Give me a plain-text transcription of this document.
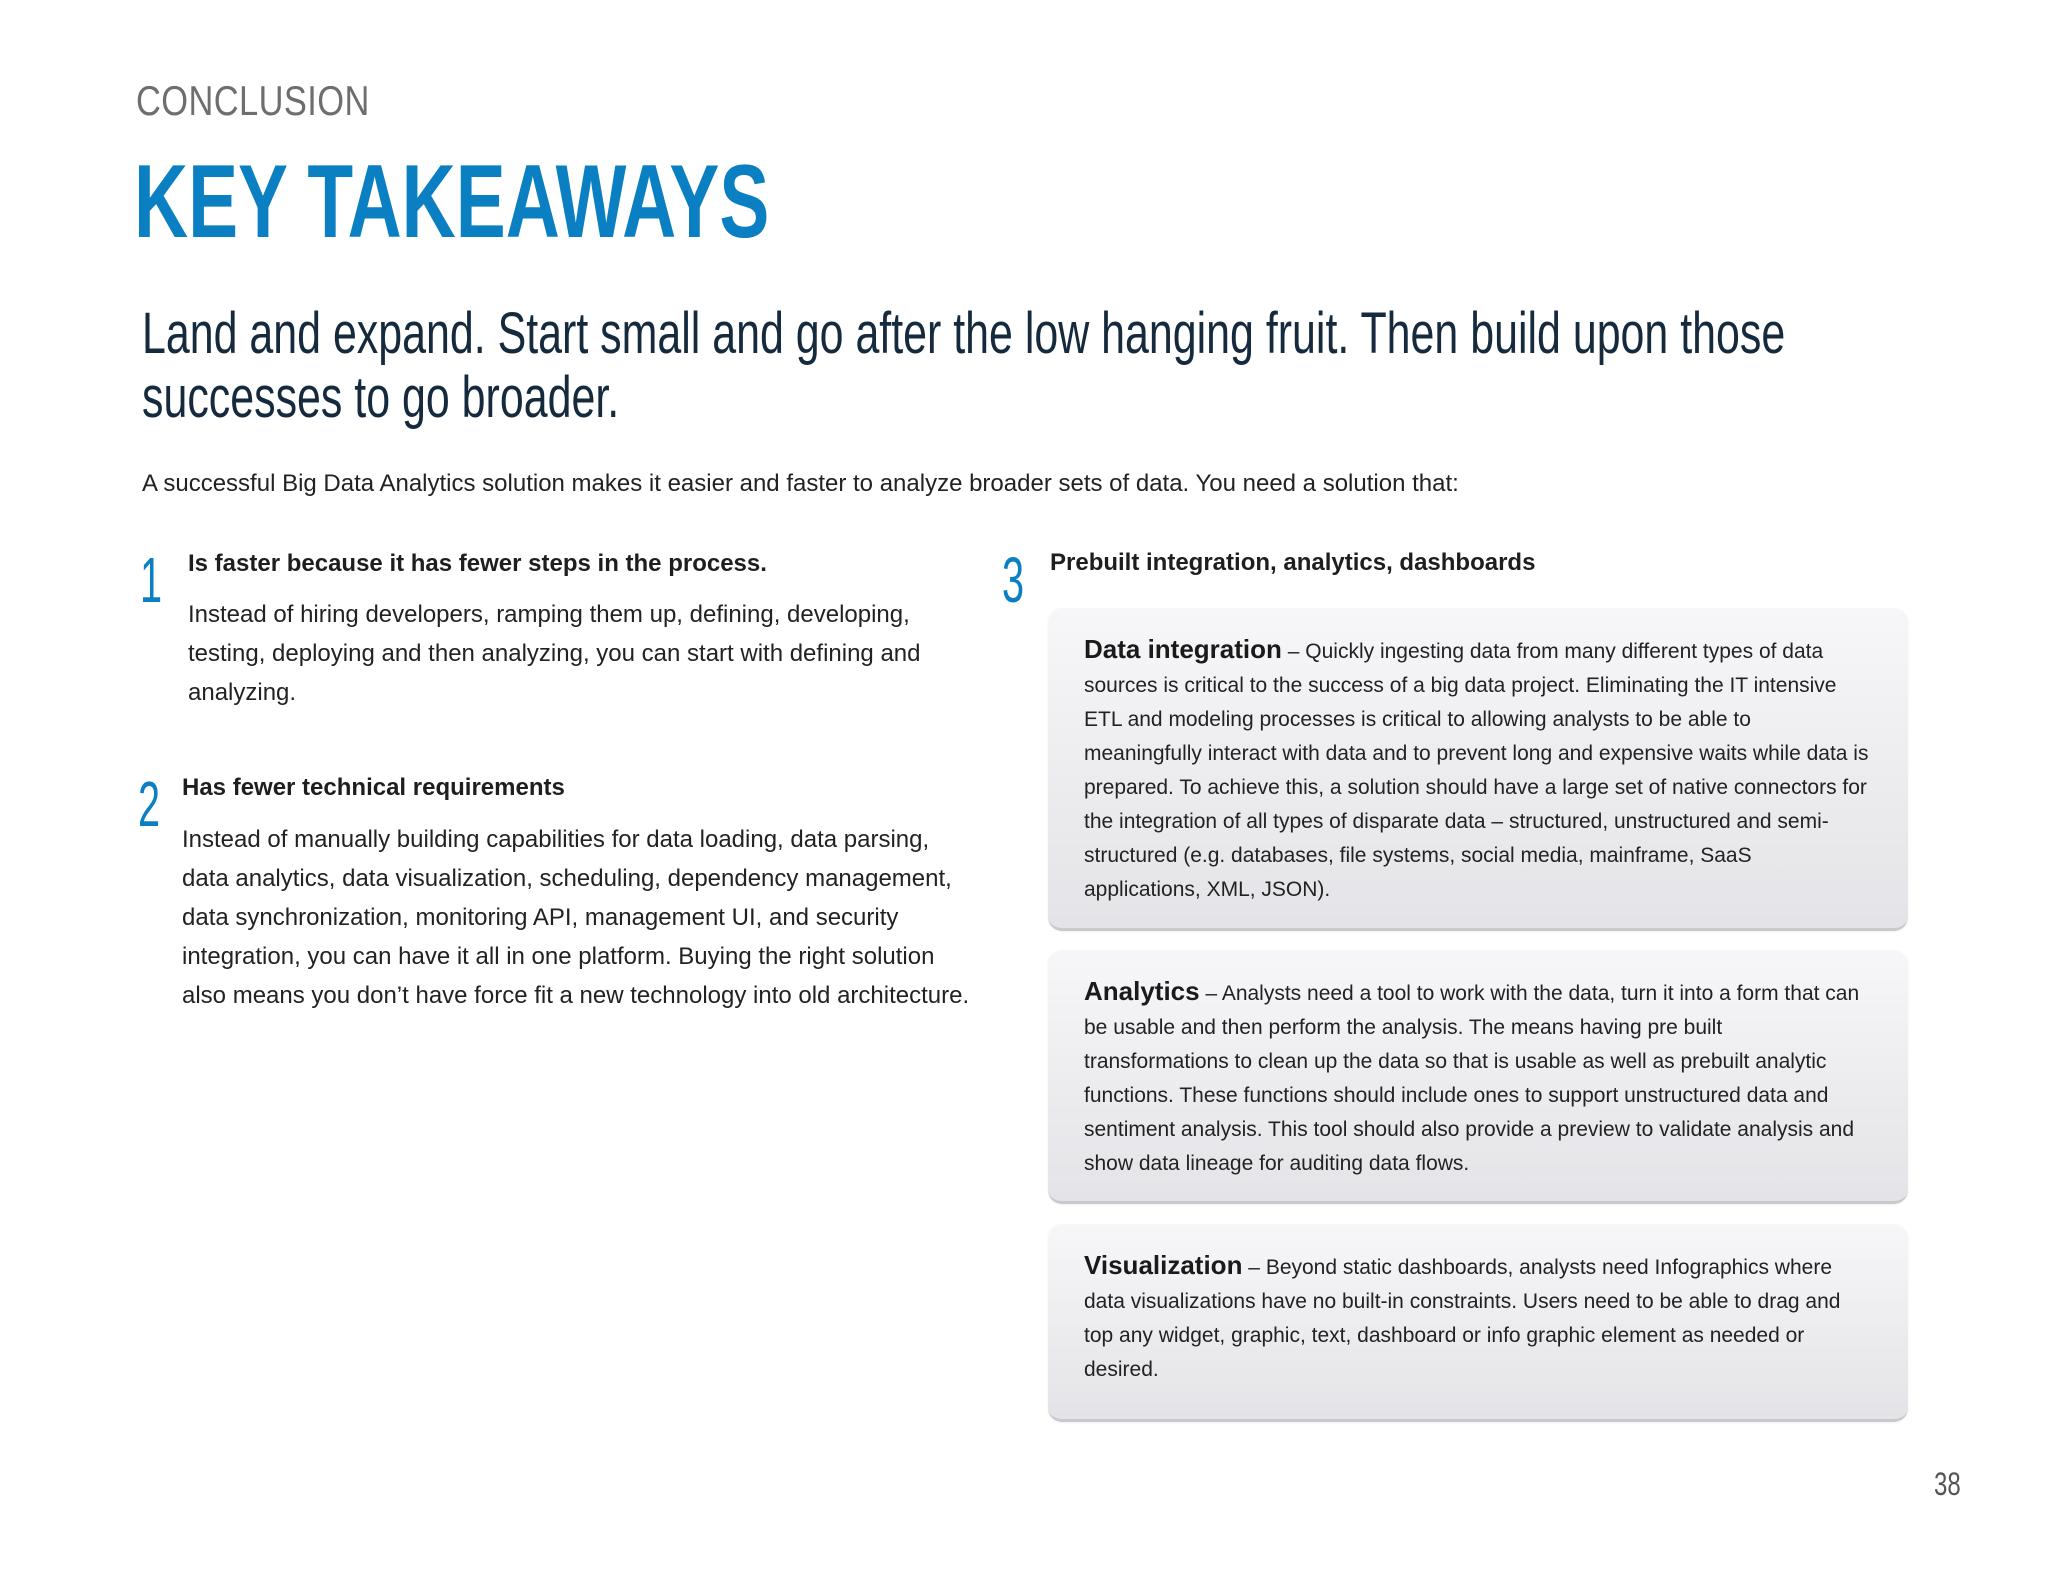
CONCLUSION
KEY TAKEAWAYS
Land and expand. Start small and go after the low hanging fruit. Then build upon those successes to go broader.
A successful Big Data Analytics solution makes it easier and faster to analyze broader sets of data. You need a solution that:
1 Is faster because it has fewer steps in the process.
Instead of hiring developers, ramping them up, defining, developing, testing, deploying and then analyzing, you can start with defining and analyzing.
2 Has fewer technical requirements
Instead of manually building capabilities for data loading, data parsing, data analytics, data visualization, scheduling, dependency management, data synchronization, monitoring API, management UI, and security integration, you can have it all in one platform. Buying the right solution also means you don’t have force fit a new technology into old architecture.
3 Prebuilt integration, analytics, dashboards
Data integration – Quickly ingesting data from many different types of data sources is critical to the success of a big data project. Eliminating the IT intensive ETL and modeling processes is critical to allowing analysts to be able to meaningfully interact with data and to prevent long and expensive waits while data is prepared. To achieve this, a solution should have a large set of native connectors for the integration of all types of disparate data – structured, unstructured and semi-structured (e.g. databases, file systems, social media, mainframe, SaaS applications, XML, JSON).
Analytics – Analysts need a tool to work with the data, turn it into a form that can be usable and then perform the analysis. The means having pre built transformations to clean up the data so that is usable as well as prebuilt analytic functions. These functions should include ones to support unstructured data and sentiment analysis. This tool should also provide a preview to validate analysis and show data lineage for auditing data flows.
Visualization – Beyond static dashboards, analysts need Infographics where data visualizations have no built-in constraints. Users need to be able to drag and top any widget, graphic, text, dashboard or info graphic element as needed or desired.
38
